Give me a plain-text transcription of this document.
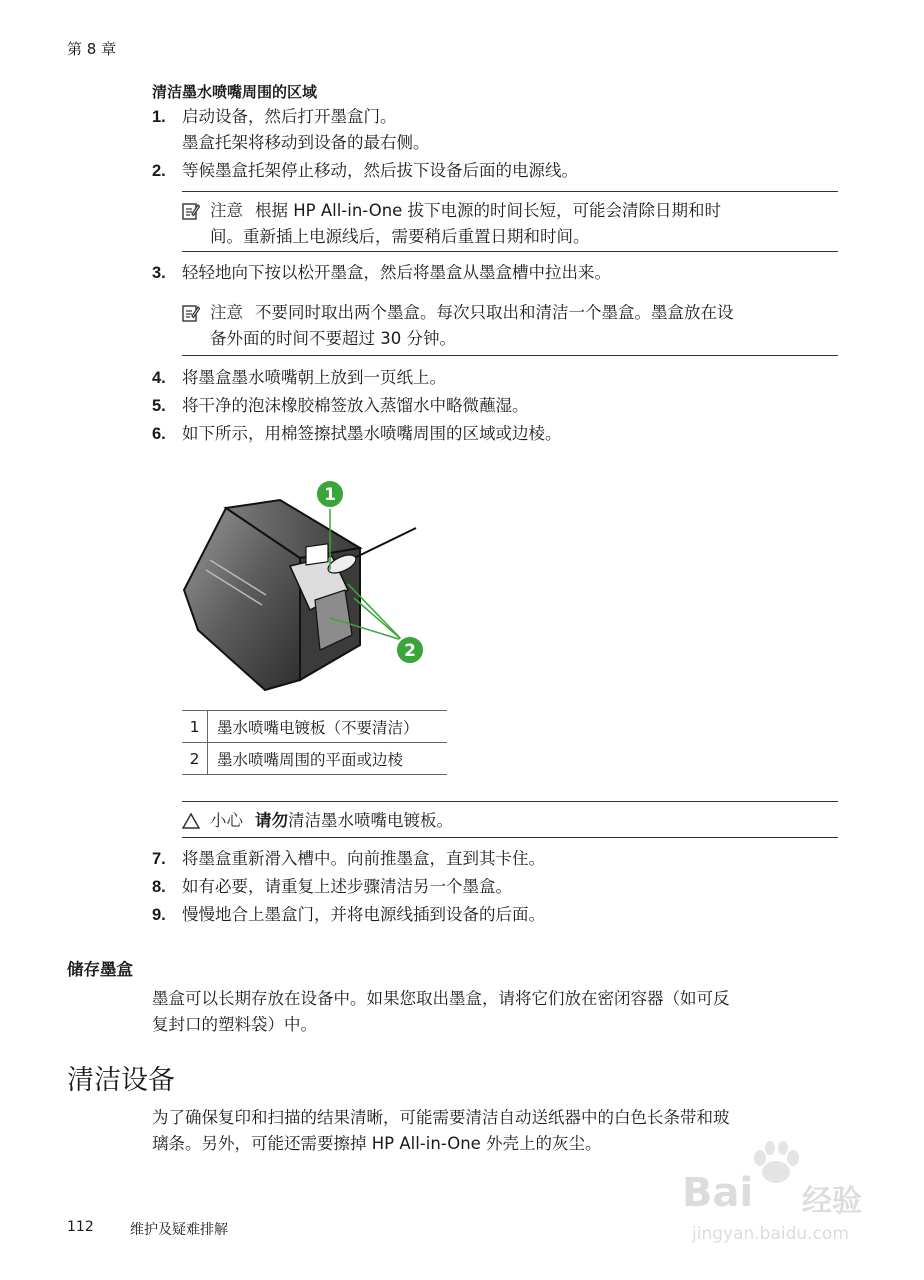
第 8 章
清洁墨水喷嘴周围的区域
1. 启动设备，然后打开墨盒门。
墨盒托架将移动到设备的最右侧。
2. 等候墨盒托架停止移动，然后拔下设备后面的电源线。
注意 根据 HP All-in-One 拔下电源的时间长短，可能会清除日期和时
间。重新插上电源线后，需要稍后重置日期和时间。
3. 轻轻地向下按以松开墨盒，然后将墨盒从墨盒槽中拉出来。
注意 不要同时取出两个墨盒。每次只取出和清洁一个墨盒。墨盒放在设
备外面的时间不要超过 30 分钟。
4. 将墨盒墨水喷嘴朝上放到一页纸上。
5. 将干净的泡沫橡胶棉签放入蒸馏水中略微蘸湿。
6. 如下所示，用棉签擦拭墨水喷嘴周围的区域或边棱。
1
2
1	墨水喷嘴电镀板（不要清洁）
2	墨水喷嘴周围的平面或边棱
小心 请勿清洁墨水喷嘴电镀板。
7. 将墨盒重新滑入槽中。向前推墨盒，直到其卡住。
8. 如有必要，请重复上述步骤清洁另一个墨盒。
9. 慢慢地合上墨盒门，并将电源线插到设备的后面。
储存墨盒
墨盒可以长期存放在设备中。如果您取出墨盒，请将它们放在密闭容器（如可反
复封口的塑料袋）中。
清洁设备
为了确保复印和扫描的结果清晰，可能需要清洁自动送纸器中的白色长条带和玻
璃条。另外，可能还需要擦掉 HP All-in-One 外壳上的灰尘。
112	维护及疑难排解
Bai 经验
jingyan.baidu.com
